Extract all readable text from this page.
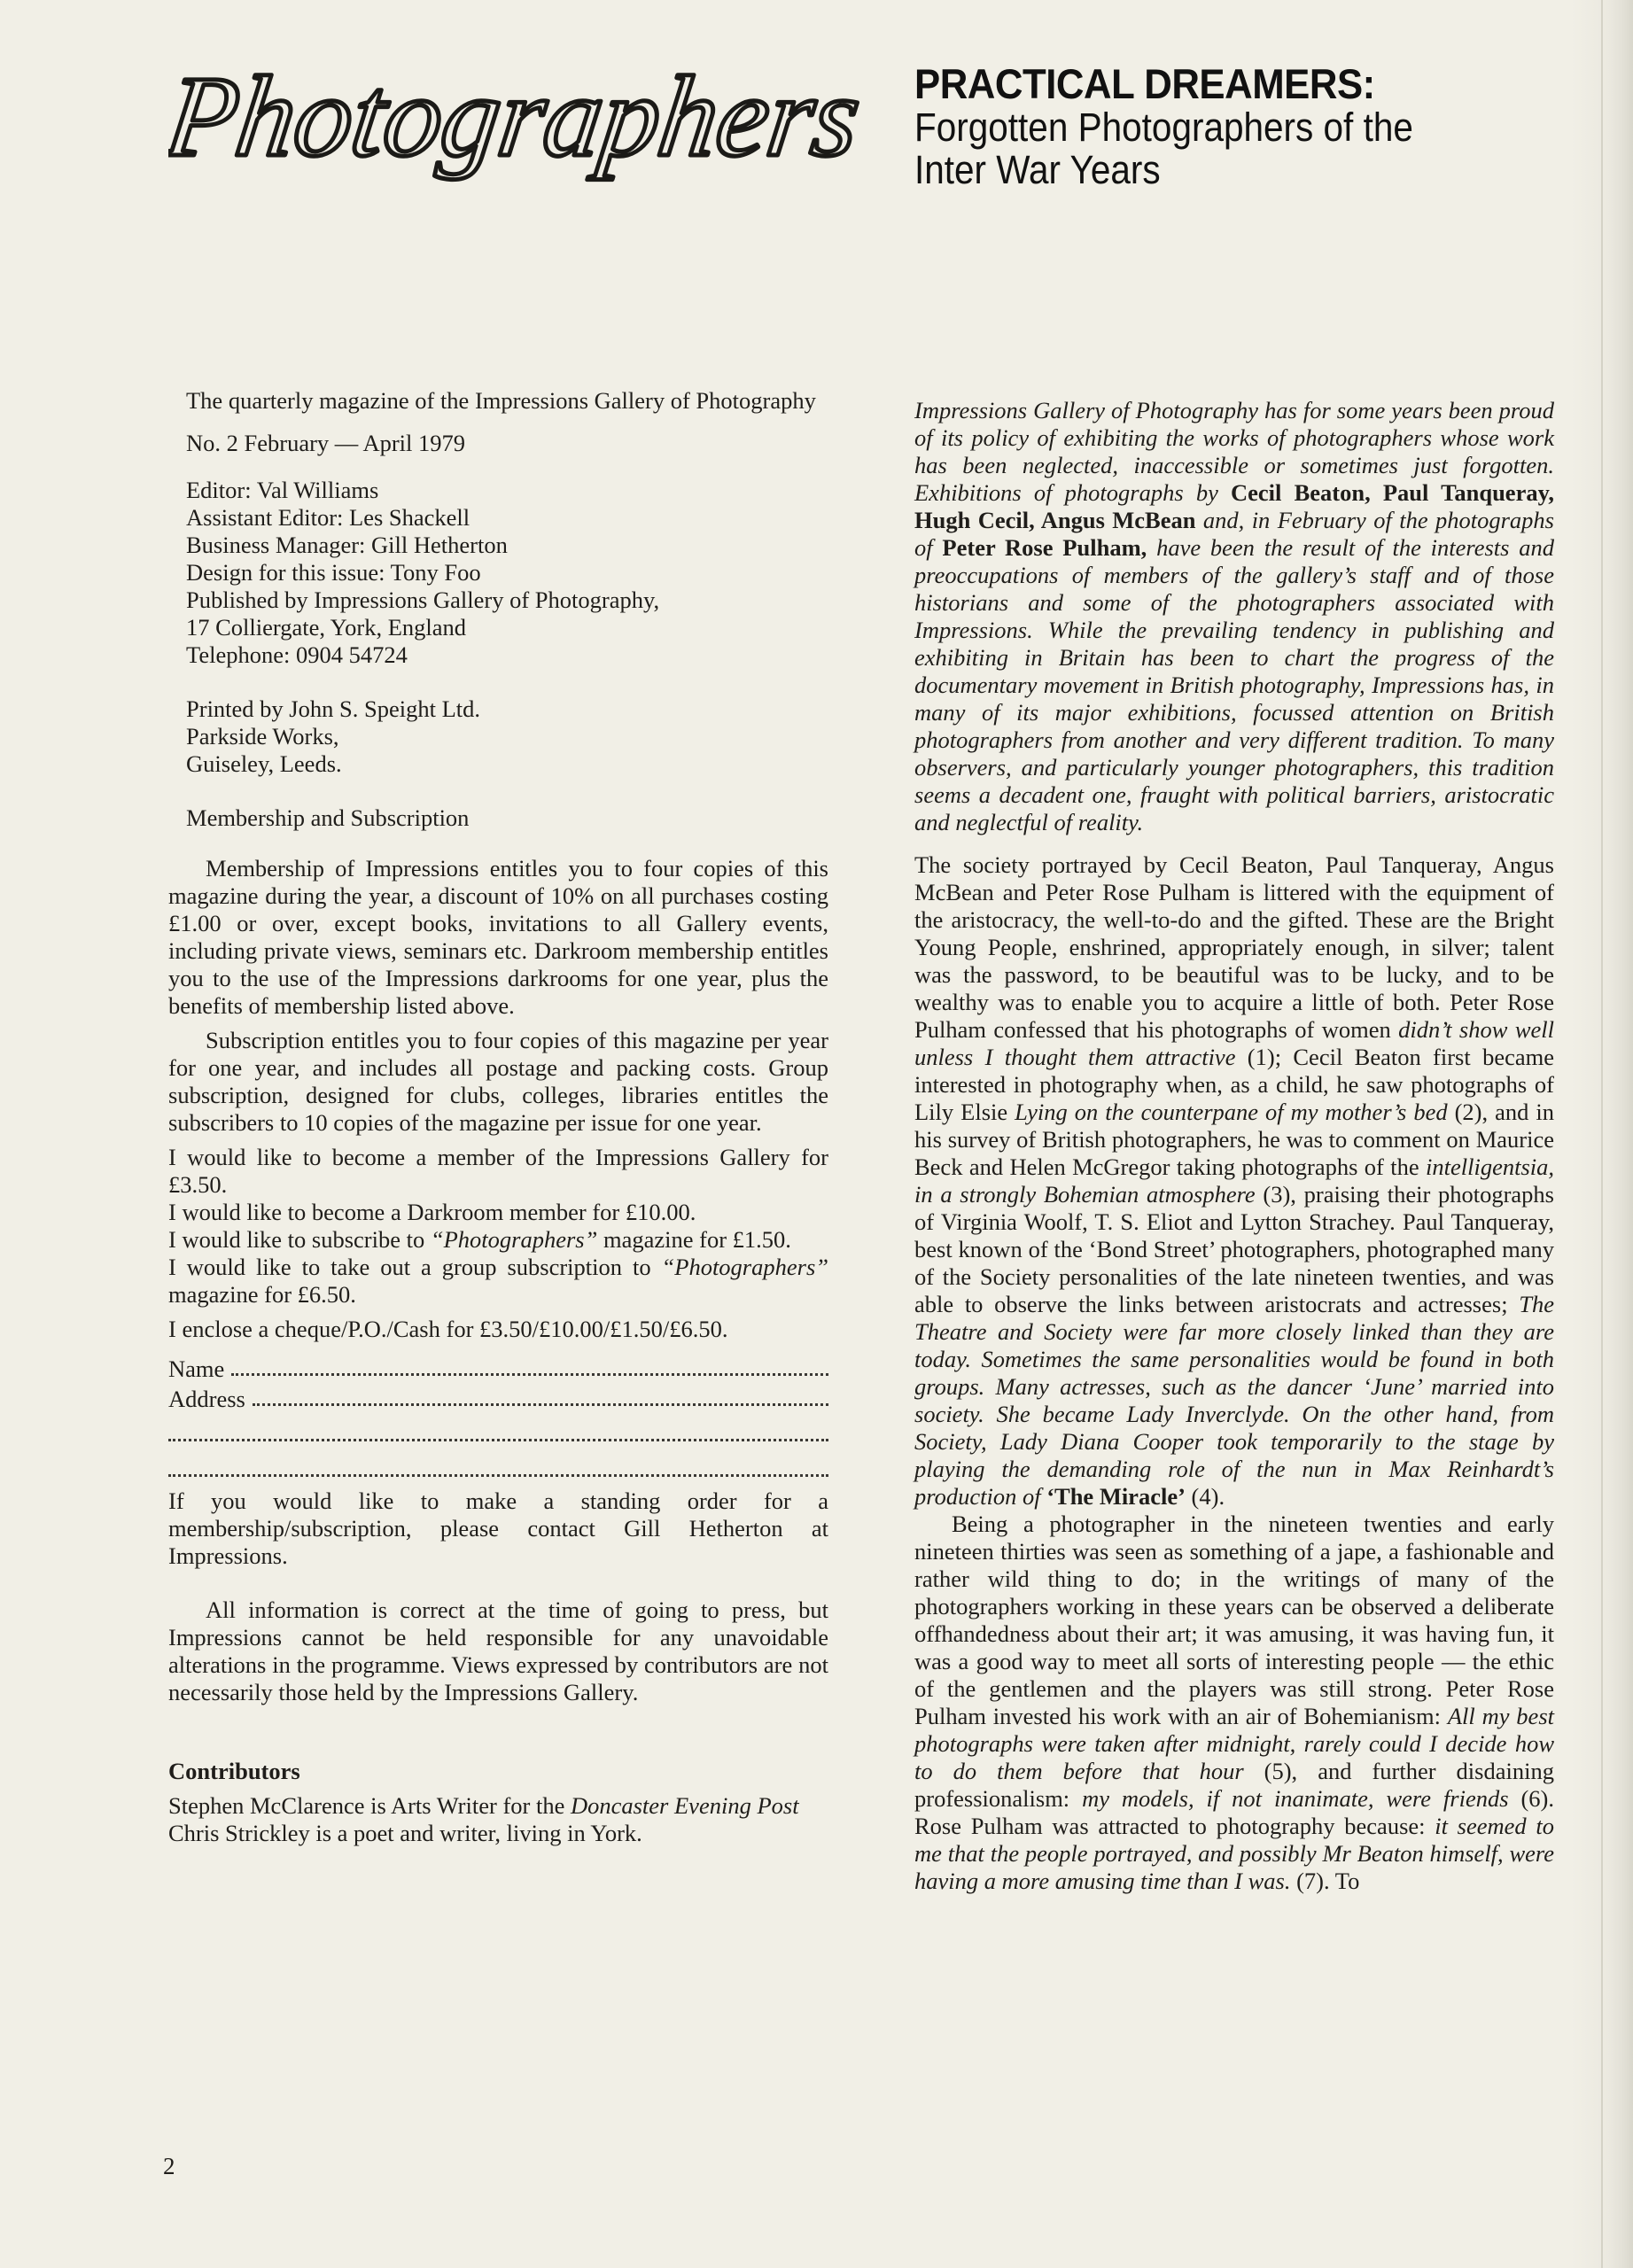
Photographers PRACTICAL DREAMERS:
Forgotten Photographers of the
Inter War Years

The quarterly magazine of the Impressions Gallery of Photography

No. 2 February — April 1979

Editor: Val Williams

Assistant Editor: Les Shackell

Business Manager: Gill Hetherton

Design for this issue: Tony Foo

Published by Impressions Gallery of Photography,

17 Colliergate, York, England

Telephone: 0904 54724

Printed by John S. Speight Ltd.

Parkside Works,

Guiseley, Leeds.

Membership and Subscription

Membership of Impressions entitles you to four copies of this magazine during the year, a discount of 10% on all purchases costing £1.00 or over, except books, invitations to all Gallery events, including private views, seminars etc. Darkroom membership entitles you to the use of the Impressions darkrooms for one year, plus the benefits of membership listed above.

Subscription entitles you to four copies of this magazine per year for one year, and includes all postage and packing costs. Group subscription, designed for clubs, colleges, libraries entitles the subscribers to 10 copies of the magazine per issue for one year.

I would like to become a member of the Impressions Gallery for £3.50.

I would like to become a Darkroom member for £10.00.

I would like to subscribe to “Photographers” magazine for £1.50.

I would like to take out a group subscription to “Photographers” magazine for £6.50.

I enclose a cheque/P.O./Cash for £3.50/£10.00/£1.50/£6.50.

Name
Address

If you would like to make a standing order for a membership/subscription, please contact Gill Hetherton at Impressions.

All information is correct at the time of going to press, but Impressions cannot be held responsible for any unavoidable alterations in the programme. Views expressed by contributors are not necessarily those held by the Impressions Gallery.

Contributors

Stephen McClarence is Arts Writer for the Doncaster Evening Post

Chris Strickley is a poet and writer, living in York.

Impressions Gallery of Photography has for some years been proud of its policy of exhibiting the works of photographers whose work has been neglected, inaccessible or sometimes just forgotten. Exhibitions of photographs by Cecil Beaton, Paul Tanqueray, Hugh Cecil, Angus McBean and, in February of the photographs of Peter Rose Pulham, have been the result of the interests and preoccupations of members of the gallery’s staff and of those historians and some of the photographers associated with Impressions. While the prevailing tendency in publishing and exhibiting in Britain has been to chart the progress of the documentary movement in British photography, Impressions has, in many of its major exhibitions, focussed attention on British photographers from another and very different tradition. To many observers, and particularly younger photographers, this tradition seems a decadent one, fraught with political barriers, aristocratic and neglectful of reality.

The society portrayed by Cecil Beaton, Paul Tanqueray, Angus McBean and Peter Rose Pulham is littered with the equipment of the aristocracy, the well-to-do and the gifted. These are the Bright Young People, enshrined, appropriately enough, in silver; talent was the password, to be beautiful was to be lucky, and to be wealthy was to enable you to acquire a little of both. Peter Rose Pulham confessed that his photographs of women didn’t show well unless I thought them attractive (1); Cecil Beaton first became interested in photography when, as a child, he saw photographs of Lily Elsie Lying on the counterpane of my mother’s bed (2), and in his survey of British photographers, he was to comment on Maurice Beck and Helen McGregor taking photographs of the intelligentsia, in a strongly Bohemian atmosphere (3), praising their photographs of Virginia Woolf, T. S. Eliot and Lytton Strachey. Paul Tanqueray, best known of the ‘Bond Street’ photographers, photographed many of the Society personalities of the late nineteen twenties, and was able to observe the links between aristocrats and actresses; The Theatre and Society were far more closely linked than they are today. Sometimes the same personalities would be found in both groups. Many actresses, such as the dancer ‘June’ married into society. She became Lady Inverclyde. On the other hand, from Society, Lady Diana Cooper took temporarily to the stage by playing the demanding role of the nun in Max Reinhardt’s production of ‘The Miracle’ (4).

Being a photographer in the nineteen twenties and early nineteen thirties was seen as something of a jape, a fashionable and rather wild thing to do; in the writings of many of the photographers working in these years can be observed a deliberate offhandedness about their art; it was amusing, it was having fun, it was a good way to meet all sorts of interesting people — the ethic of the gentlemen and the players was still strong. Peter Rose Pulham invested his work with an air of Bohemianism: All my best photographs were taken after midnight, rarely could I decide how to do them before that hour (5), and further disdaining professionalism: my models, if not inanimate, were friends (6). Rose Pulham was attracted to photography because: it seemed to me that the people portrayed, and possibly Mr Beaton himself, were having a more amusing time than I was. (7). To

2
